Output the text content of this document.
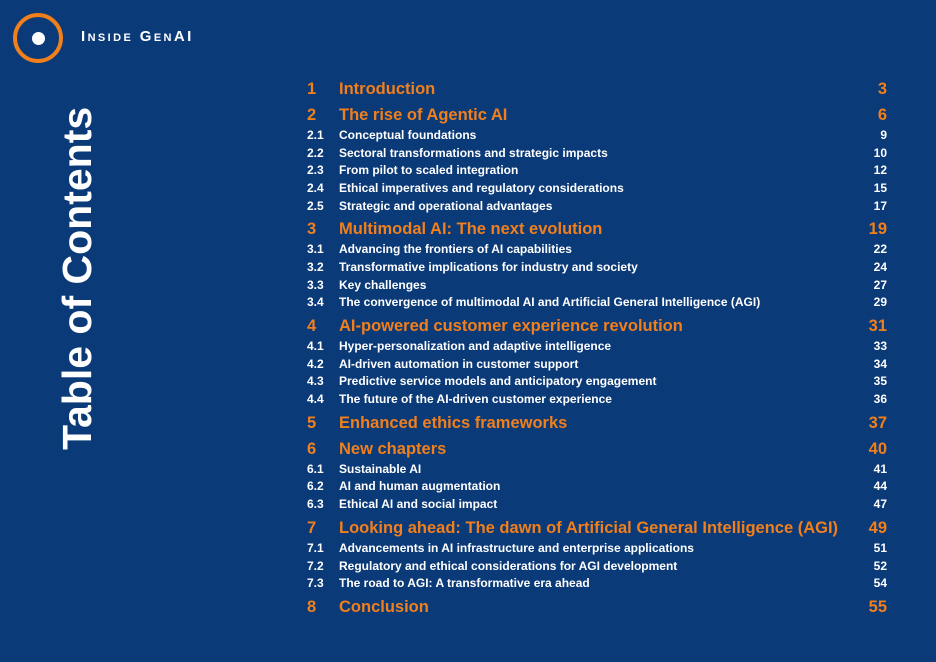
Inside GenAI
Table of Contents
1	Introduction	3
2	The rise of Agentic AI	6
2.1	Conceptual foundations	9
2.2	Sectoral transformations and strategic impacts	10
2.3	From pilot to scaled integration	12
2.4	Ethical imperatives and regulatory considerations	15
2.5	Strategic and operational advantages	17
3	Multimodal AI: The next evolution	19
3.1	Advancing the frontiers of AI capabilities	22
3.2	Transformative implications for industry and society	24
3.3	Key challenges	27
3.4	The convergence of multimodal AI and Artificial General Intelligence (AGI)	29
4	AI-powered customer experience revolution	31
4.1	Hyper-personalization and adaptive intelligence	33
4.2	AI-driven automation in customer support	34
4.3	Predictive service models and anticipatory engagement	35
4.4	The future of the AI-driven customer experience	36
5	Enhanced ethics frameworks	37
6	New chapters	40
6.1	Sustainable AI	41
6.2	AI and human augmentation	44
6.3	Ethical AI and social impact	47
7	Looking ahead: The dawn of Artificial General Intelligence (AGI)	49
7.1	Advancements in AI infrastructure and enterprise applications	51
7.2	Regulatory and ethical considerations for AGI development	52
7.3	The road to AGI: A transformative era ahead	54
8	Conclusion	55
